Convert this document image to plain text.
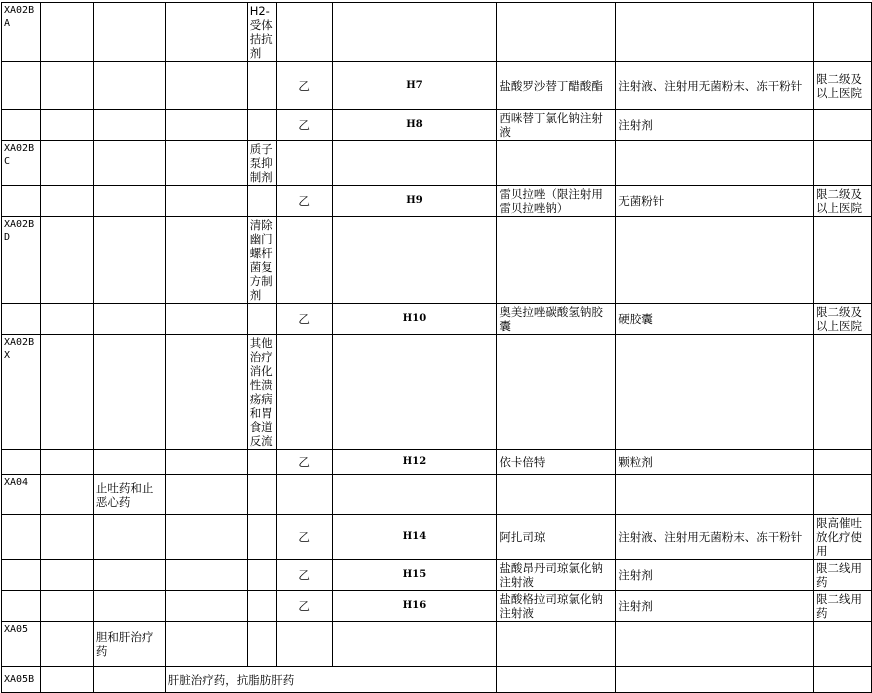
XA02BA				H2-受体拮抗剂					

					乙	H7	盐酸罗沙替丁醋酸酯	注射液、注射用无菌粉末、冻干粉针	限二级及以上医院

					乙	H8	西咪替丁氯化钠注射液	注射剂	

XA02BC				质子泵抑制剂					

					乙	H9	雷贝拉唑（限注射用雷贝拉唑钠）	无菌粉针	限二级及以上医院

XA02BD				清除幽门螺杆菌复方制剂					

					乙	H10	奥美拉唑碳酸氢钠胶囊	硬胶囊	限二级及以上医院

XA02BX				其他治疗消化性溃疡病和胃食道反流					

					乙	H12	依卡倍特	颗粒剂	

XA04		止吐药和止恶心药							

					乙	H14	阿扎司琼	注射液、注射用无菌粉末、冻干粉针	限高催吐放化疗使用

					乙	H15	盐酸昂丹司琼氯化钠注射液	注射剂	限二线用药

					乙	H16	盐酸格拉司琼氯化钠注射液	注射剂	限二线用药

XA05		胆和肝治疗药							

XA05B			肝脏治疗药，抗脂肪肝药						
